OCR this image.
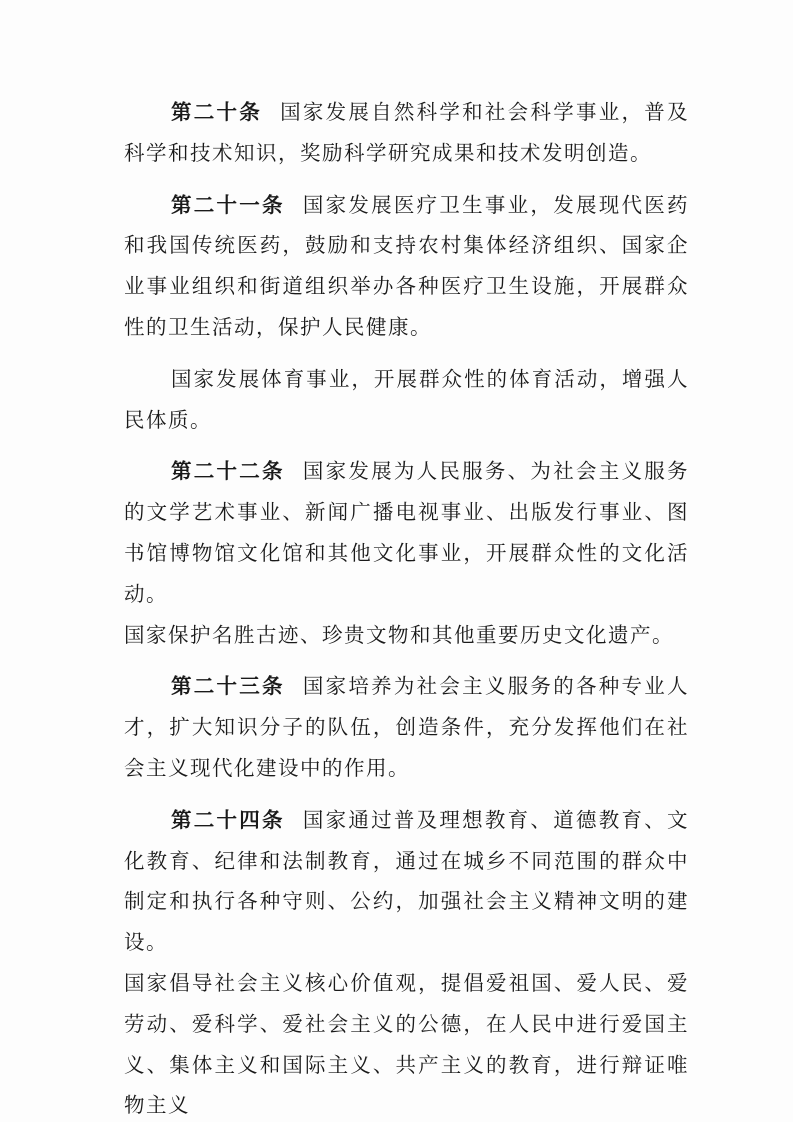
第二十条 国家发展自然科学和社会科学事业，普及科学和技术知识，奖励科学研究成果和技术发明创造。

第二十一条 国家发展医疗卫生事业，发展现代医药和我国传统医药，鼓励和支持农村集体经济组织、国家企业事业组织和街道组织举办各种医疗卫生设施，开展群众性的卫生活动，保护人民健康。

国家发展体育事业，开展群众性的体育活动，增强人民体质。

第二十二条 国家发展为人民服务、为社会主义服务的文学艺术事业、新闻广播电视事业、出版发行事业、图书馆博物馆文化馆和其他文化事业，开展群众性的文化活动。

国家保护名胜古迹、珍贵文物和其他重要历史文化遗产。

第二十三条 国家培养为社会主义服务的各种专业人才，扩大知识分子的队伍，创造条件，充分发挥他们在社会主义现代化建设中的作用。

第二十四条 国家通过普及理想教育、道德教育、文化教育、纪律和法制教育，通过在城乡不同范围的群众中制定和执行各种守则、公约，加强社会主义精神文明的建设。

国家倡导社会主义核心价值观，提倡爱祖国、爱人民、爱劳动、爱科学、爱社会主义的公德，在人民中进行爱国主义、集体主义和国际主义、共产主义的教育，进行辩证唯物主义
